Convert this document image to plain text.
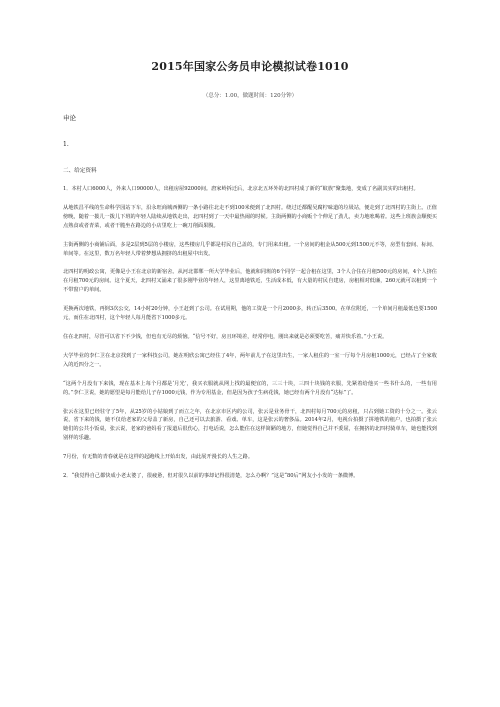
2015年国家公务员申论模拟试卷1010
（总分：1.00，做题时间：120分钟）
申论
1.
二、给定资料

1．本村人口6000人，外来人口90000人，出租房屋92000间。唐家岭拆迁后，北京北五环外的北四村成了新的“蚁族”聚集地，变成了名副其实的出租村。

从地铁昌平线的生命科学园站下车，沿永旺商城西侧的一条小路往北走不到100米便到了北四村。绕过迁都醒吴腐柠味道的垃圾站，便走到了北四村的主街上。正值傍晚，随着一拨儿一拨儿下班的年轻人陆续从地铁走出，北四村到了一天中最热闹的时候。主街两侧的小商贩个个伸足了劲儿，卖力地吆喝着。这些上班族会顺便买点熟食或者青菜，或者干脆坐在路边的小店里吃上一碗刀削面果腹。

主街两侧的小商铺后面，多是2层到5层的小楼房，这些楼房几乎都是村民自己盖的，专门用来出租。一个房间的租金从500元到1500元不等，房型有套间、标间、单间等。在这里，数万名年轻人带着梦想从拥挤的出租屋中出发。

北四村的明政公寓，更像是小王在北京的新宿舍。从河北邯郸一所大学毕业后，他就和同班的6个同学一起合租在这里，3个人合住在月租500元的房间，4个人挤住在月租700元的房间。这个夏天，北四村又涌来了很多刚毕业的年轻人，这里离地铁近，生活成本低，有大量的村民自建房，房租相对低廉，260元就可以租到一个不带窗户的单间。

更换两次地铁，再倒3次公交，14小时20分钟，小王赶到了公司。在试用期，他的工资是一个月2000多，转正后3500。在单位附近，一个单间月租最低也要1500元，而住在北四村，这个年轻人每月能省下1000多元。

住在北四村，尽管可以省下不少钱，但也有无尽的烦恼。“信号不好，房且环境差，经常停电，刚出来就是必须要吃苦，痛并快乐着。”小王说。

大学毕业的李仁卫在北京找到了一家科技公司，她在明欣公寓已经住了4年，两年前儿子在这里出生，一家人租住的一室一厅每个月房租1000元，已经占了全家收入的近四分之一。

“这两个月没有下来钱，现在基本上每个月都是‘月光’，我买衣服就从网上找的最便宜的，三三十块，三四十块钱的衣服，先紧着给他买一些书什么的，一些有用的。”李仁卫说，她的愿望是每月能给儿子存1000元钱，作为专用基金，但是因为孩子生病花钱，她已经有两个月没有“达标”了。

张云在这里已经驻守了5年，从25岁的小姑娘到了而立之年，在北京市区内的公司，张云是业务骨干，北四村每月700元的房租，只占到她工资的十分之一。张云说，省下来的钱，她不仅给老家的父母盖了新房，自己还可以去旅游、看戏、单车，这是张云的奢侈品。2014年2月，电视台拍摄了拼地铁的租户，也拍摄了张云她们的公共小饭桌，张云说，老家的爸妈看了报道后很伤心，打电话说，怎么能住在这样简陋的地方，但她觉得自己并不委屈，在拥挤的北四村骑单车，她也能找到别样的乐趣。

7月份，有无数的青春就是在这样的起跑线上开始出发，由此展开漫长的人生之路。

2．“我觉得自己都快成小老太婆了，很疲惫，但对很久以前的事却记得很清楚，怎么办啊？”这是“80后”网友小小发的一条微博。
